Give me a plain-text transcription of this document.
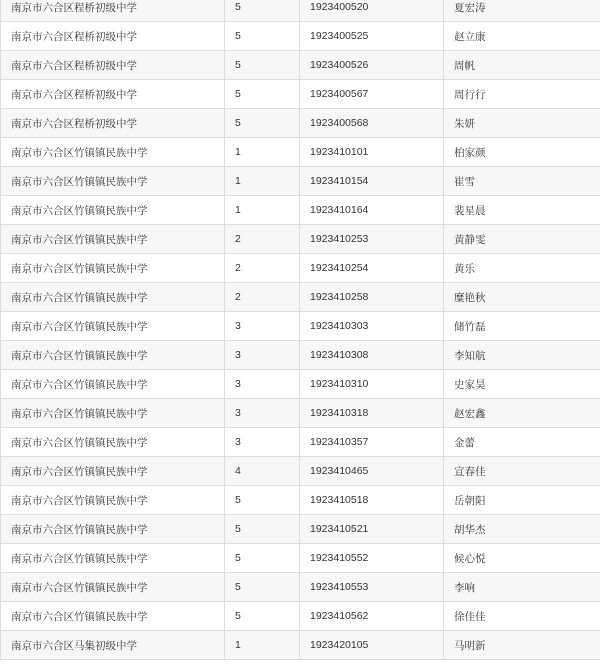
南京市六合区程桥初级中学	5	1923400520	夏宏涛
南京市六合区程桥初级中学	5	1923400525	赵立康
南京市六合区程桥初级中学	5	1923400526	周帆
南京市六合区程桥初级中学	5	1923400567	周行行
南京市六合区程桥初级中学	5	1923400568	朱妍
南京市六合区竹镇镇民族中学	1	1923410101	柏家颜
南京市六合区竹镇镇民族中学	1	1923410154	崔雪
南京市六合区竹镇镇民族中学	1	1923410164	裴星晨
南京市六合区竹镇镇民族中学	2	1923410253	黄静雯
南京市六合区竹镇镇民族中学	2	1923410254	黄乐
南京市六合区竹镇镇民族中学	2	1923410258	糜艳秋
南京市六合区竹镇镇民族中学	3	1923410303	储竹磊
南京市六合区竹镇镇民族中学	3	1923410308	李知航
南京市六合区竹镇镇民族中学	3	1923410310	史家昊
南京市六合区竹镇镇民族中学	3	1923410318	赵宏鑫
南京市六合区竹镇镇民族中学	3	1923410357	金蕾
南京市六合区竹镇镇民族中学	4	1923410465	宣春佳
南京市六合区竹镇镇民族中学	5	1923410518	岳朝阳
南京市六合区竹镇镇民族中学	5	1923410521	胡华杰
南京市六合区竹镇镇民族中学	5	1923410552	候心悦
南京市六合区竹镇镇民族中学	5	1923410553	李响
南京市六合区竹镇镇民族中学	5	1923410562	徐佳佳
南京市六合区马集初级中学	1	1923420105	马明新
